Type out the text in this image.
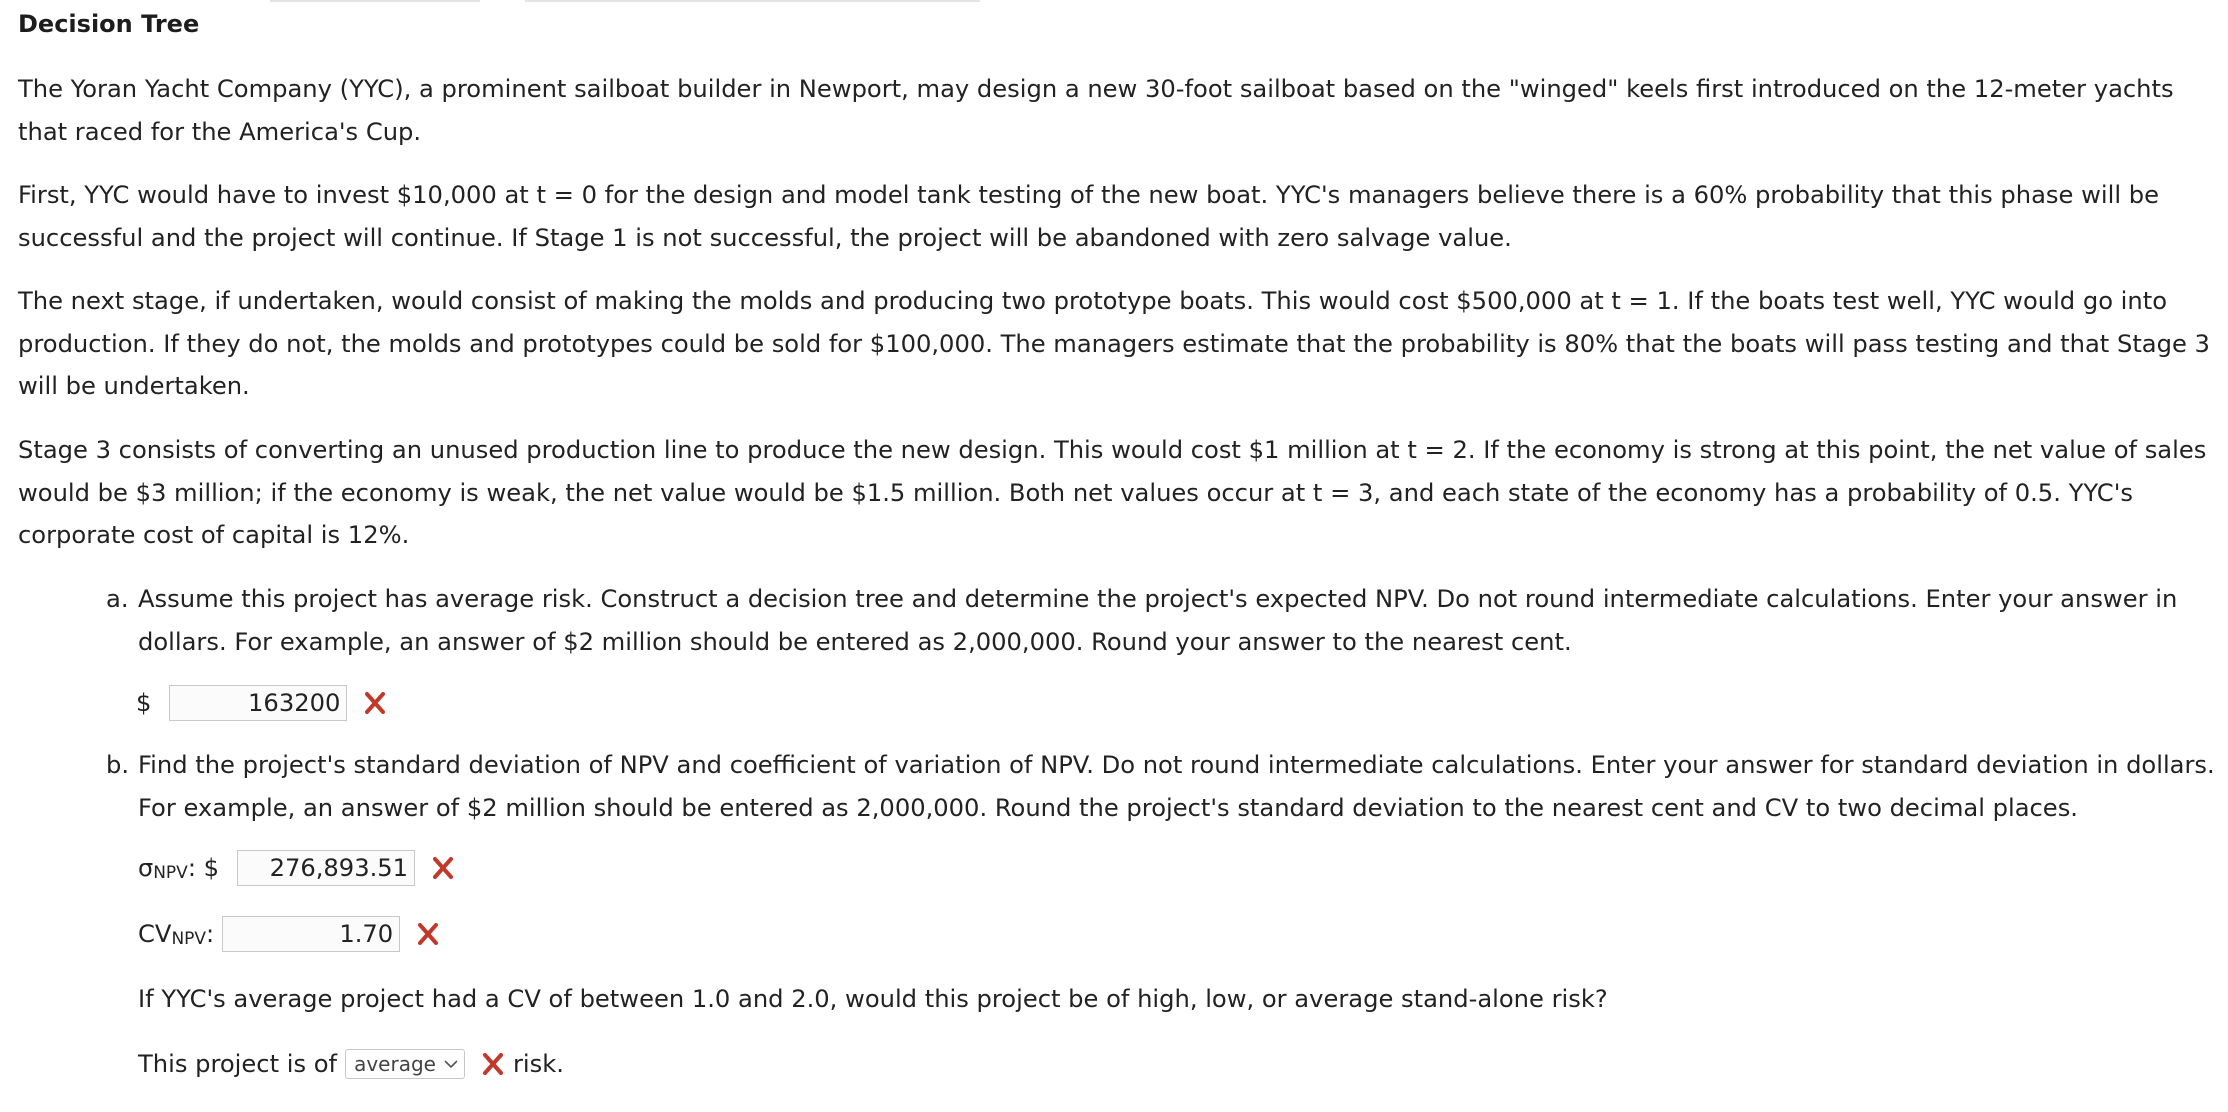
Decision Tree

The Yoran Yacht Company (YYC), a prominent sailboat builder in Newport, may design a new 30-foot sailboat based on the "winged" keels first introduced on the 12-meter yachts
that raced for the America's Cup.

First, YYC would have to invest $10,000 at t = 0 for the design and model tank testing of the new boat. YYC's managers believe there is a 60% probability that this phase will be
successful and the project will continue. If Stage 1 is not successful, the project will be abandoned with zero salvage value.

The next stage, if undertaken, would consist of making the molds and producing two prototype boats. This would cost $500,000 at t = 1. If the boats test well, YYC would go into
production. If they do not, the molds and prototypes could be sold for $100,000. The managers estimate that the probability is 80% that the boats will pass testing and that Stage 3
will be undertaken.

Stage 3 consists of converting an unused production line to produce the new design. This would cost $1 million at t = 2. If the economy is strong at this point, the net value of sales
would be $3 million; if the economy is weak, the net value would be $1.5 million. Both net values occur at t = 3, and each state of the economy has a probability of 0.5. YYC's
corporate cost of capital is 12%.

a. Assume this project has average risk. Construct a decision tree and determine the project's expected NPV. Do not round intermediate calculations. Enter your answer in
dollars. For example, an answer of $2 million should be entered as 2,000,000. Round your answer to the nearest cent.

$	163200
b. Find the project's standard deviation of NPV and coefficient of variation of NPV. Do not round intermediate calculations. Enter your answer for standard deviation in dollars.
For example, an answer of $2 million should be entered as 2,000,000. Round the project's standard deviation to the nearest cent and CV to two decimal places.

σ NPV : $	276,893.51
CV NPV :	1.70
If YYC's average project had a CV of between 1.0 and 2.0, would this project be of high, low, or average stand-alone risk?
This project is of average	risk.
